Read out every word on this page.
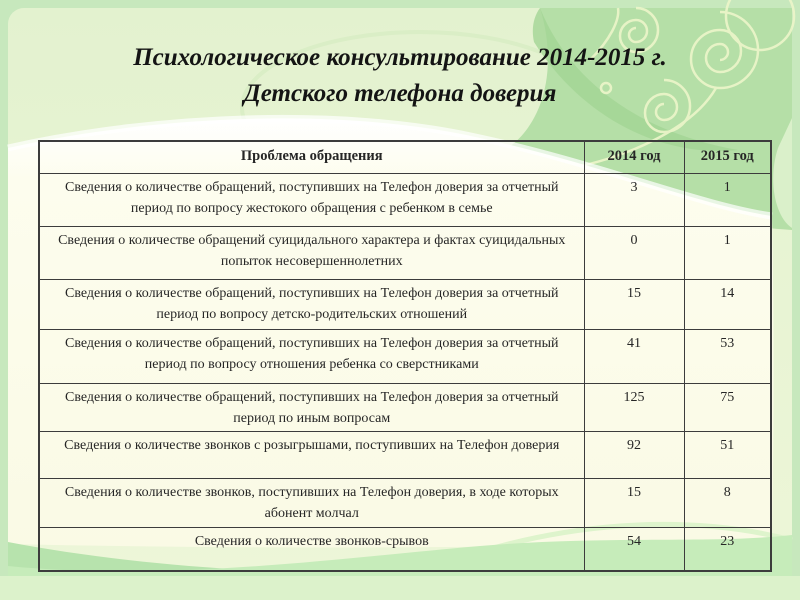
Психологическое консультирование 2014-2015 г.
Детского телефона доверия
Проблема обращения	2014 год	2015 год
Сведения о количестве обращений, поступивших на Телефон доверия за отчетный период по вопросу жестокого обращения с ребенком в семье	3	1
Сведения о количестве обращений суицидального характера и фактах суицидальных попыток несовершеннолетних	0	1
Сведения о количестве обращений, поступивших на Телефон доверия за отчетный период по вопросу детско-родительских отношений	15	14
Сведения о количестве обращений, поступивших на Телефон доверия за отчетный период по вопросу отношения ребенка со сверстниками	41	53
Сведения о количестве обращений, поступивших на Телефон доверия за отчетный период по иным вопросам	125	75
Сведения о количестве звонков с розыгрышами, поступивших на Телефон доверия	92	51
Сведения о количестве звонков, поступивших на Телефон доверия, в ходе которых абонент молчал	15	8
Сведения о количестве звонков-срывов	54	23
